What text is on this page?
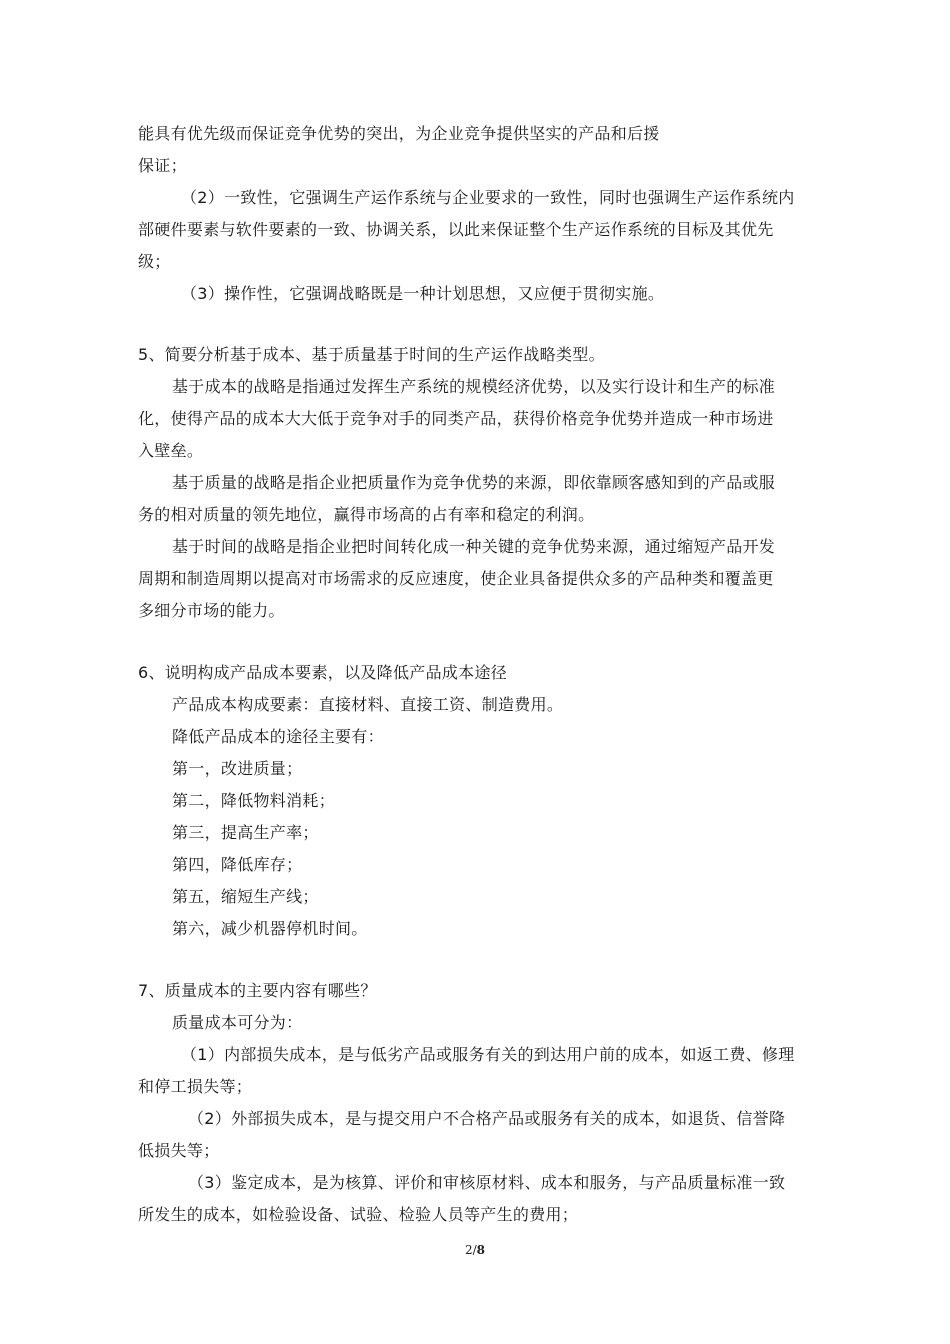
能具有优先级而保证竞争优势的突出，为企业竞争提供坚实的产品和后援
保证；
（2）一致性，它强调生产运作系统与企业要求的一致性，同时也强调生产运作系统内
部硬件要素与软件要素的一致、协调关系，以此来保证整个生产运作系统的目标及其优先
级；
（3）操作性，它强调战略既是一种计划思想，又应便于贯彻实施。
5、简要分析基于成本、基于质量基于时间的生产运作战略类型。
基于成本的战略是指通过发挥生产系统的规模经济优势，以及实行设计和生产的标准
化，使得产品的成本大大低于竞争对手的同类产品，获得价格竞争优势并造成一种市场进
入壁垒。
基于质量的战略是指企业把质量作为竞争优势的来源，即依靠顾客感知到的产品或服
务的相对质量的领先地位，赢得市场高的占有率和稳定的利润。
基于时间的战略是指企业把时间转化成一种关键的竞争优势来源，通过缩短产品开发
周期和制造周期以提高对市场需求的反应速度，使企业具备提供众多的产品种类和覆盖更
多细分市场的能力。
6、说明构成产品成本要素，以及降低产品成本途径
产品成本构成要素：直接材料、直接工资、制造费用。
降低产品成本的途径主要有：
第一，改进质量；
第二，降低物料消耗；
第三，提高生产率；
第四，降低库存；
第五，缩短生产线；
第六，减少机器停机时间。
7、质量成本的主要内容有哪些？
质量成本可分为：
（1）内部损失成本，是与低劣产品或服务有关的到达用户前的成本，如返工费、修理
和停工损失等；
（2）外部损失成本，是与提交用户不合格产品或服务有关的成本，如退货、信誉降
低损失等；
（3）鉴定成本，是为核算、评价和审核原材料、成本和服务，与产品质量标准一致
所发生的成本，如检验设备、试验、检验人员等产生的费用；
2/8
